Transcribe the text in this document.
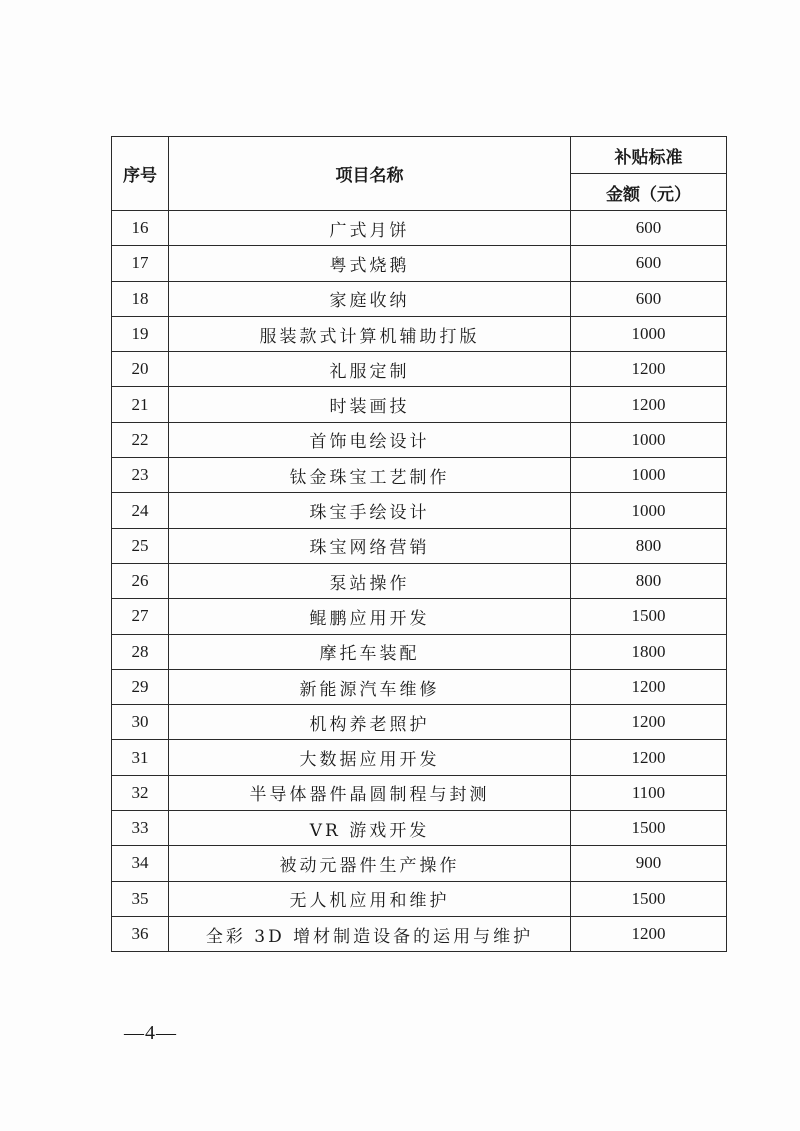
序号	项目名称	补贴标准
		金额（元）
16	广式月饼	600
17	粤式烧鹅	600
18	家庭收纳	600
19	服装款式计算机辅助打版	1000
20	礼服定制	1200
21	时装画技	1200
22	首饰电绘设计	1000
23	钛金珠宝工艺制作	1000
24	珠宝手绘设计	1000
25	珠宝网络营销	800
26	泵站操作	800
27	鲲鹏应用开发	1500
28	摩托车装配	1800
29	新能源汽车维修	1200
30	机构养老照护	1200
31	大数据应用开发	1200
32	半导体器件晶圆制程与封测	1100
33	VR 游戏开发	1500
34	被动元器件生产操作	900
35	无人机应用和维护	1500
36	全彩 3D 增材制造设备的运用与维护	1200
—4—
